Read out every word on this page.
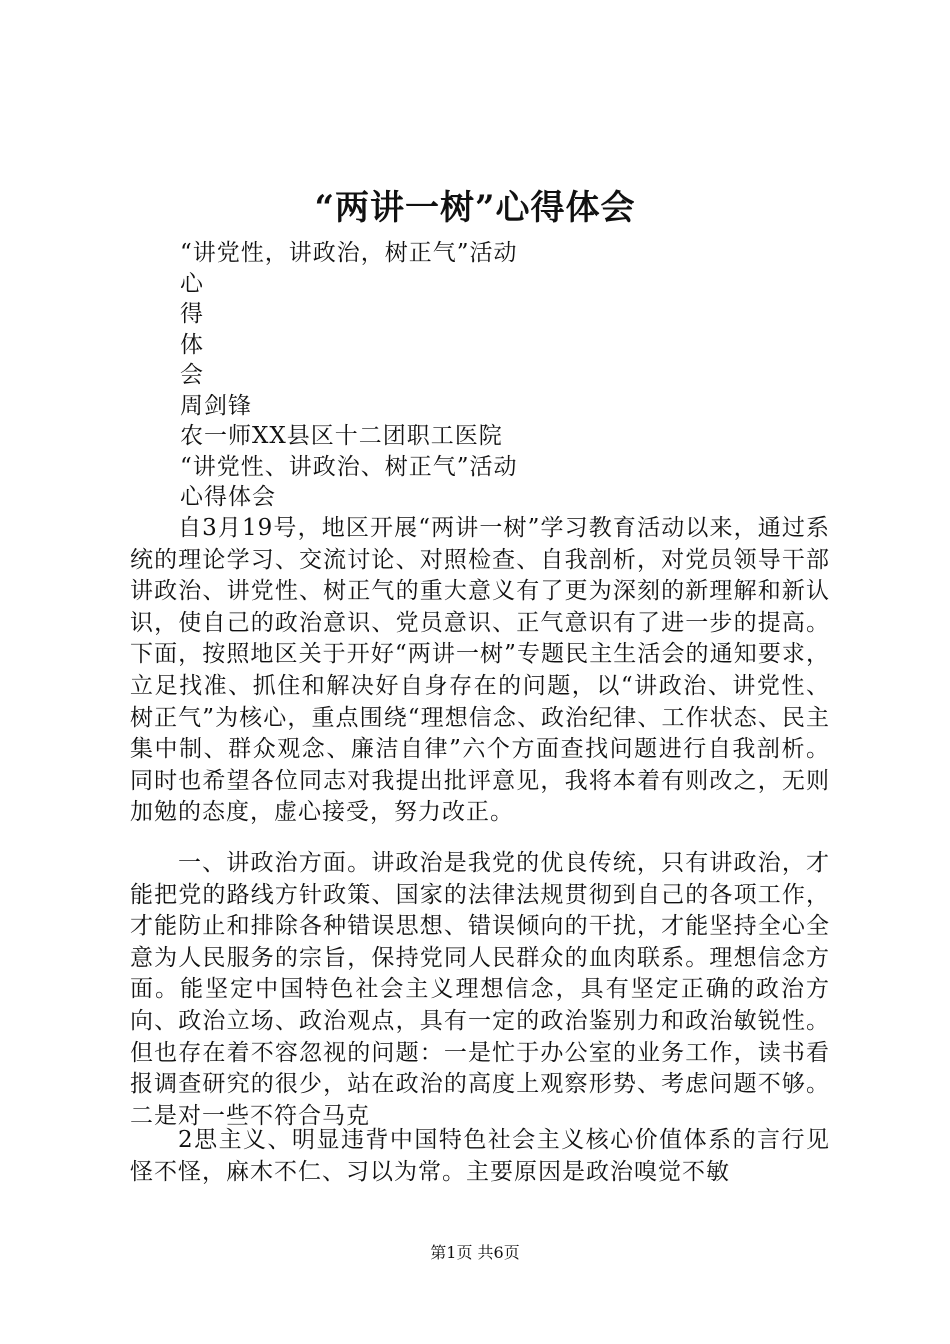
“两讲一树”心得体会
“讲党性，讲政治，树正气”活动
心
得
体
会
周剑锋
农一师XX县区十二团职工医院
“讲党性、讲政治、树正气”活动
心得体会
自3月19号，地区开展“两讲一树”学习教育活动以来，通过系统的理论学习、交流讨论、对照检查、自我剖析，对党员领导干部讲政治、讲党性、树正气的重大意义有了更为深刻的新理解和新认识，使自己的政治意识、党员意识、正气意识有了进一步的提高。下面，按照地区关于开好“两讲一树”专题民主生活会的通知要求，立足找准、抓住和解决好自身存在的问题，以“讲政治、讲党性、树正气”为核心，重点围绕“理想信念、政治纪律、工作状态、民主集中制、群众观念、廉洁自律”六个方面查找问题进行自我剖析。同时也希望各位同志对我提出批评意见，我将本着有则改之，无则加勉的态度，虚心接受，努力改正。
一、讲政治方面。讲政治是我党的优良传统，只有讲政治，才能把党的路线方针政策、国家的法律法规贯彻到自己的各项工作，才能防止和排除各种错误思想、错误倾向的干扰，才能坚持全心全意为人民服务的宗旨，保持党同人民群众的血肉联系。理想信念方面。能坚定中国特色社会主义理想信念，具有坚定正确的政治方向、政治立场、政治观点，具有一定的政治鉴别力和政治敏锐性。但也存在着不容忽视的问题：一是忙于办公室的业务工作，读书看报调查研究的很少，站在政治的高度上观察形势、考虑问题不够。二是对一些不符合马克
2思主义、明显违背中国特色社会主义核心价值体系的言行见怪不怪，麻木不仁、习以为常。主要原因是政治嗅觉不敏
第1页 共6页
